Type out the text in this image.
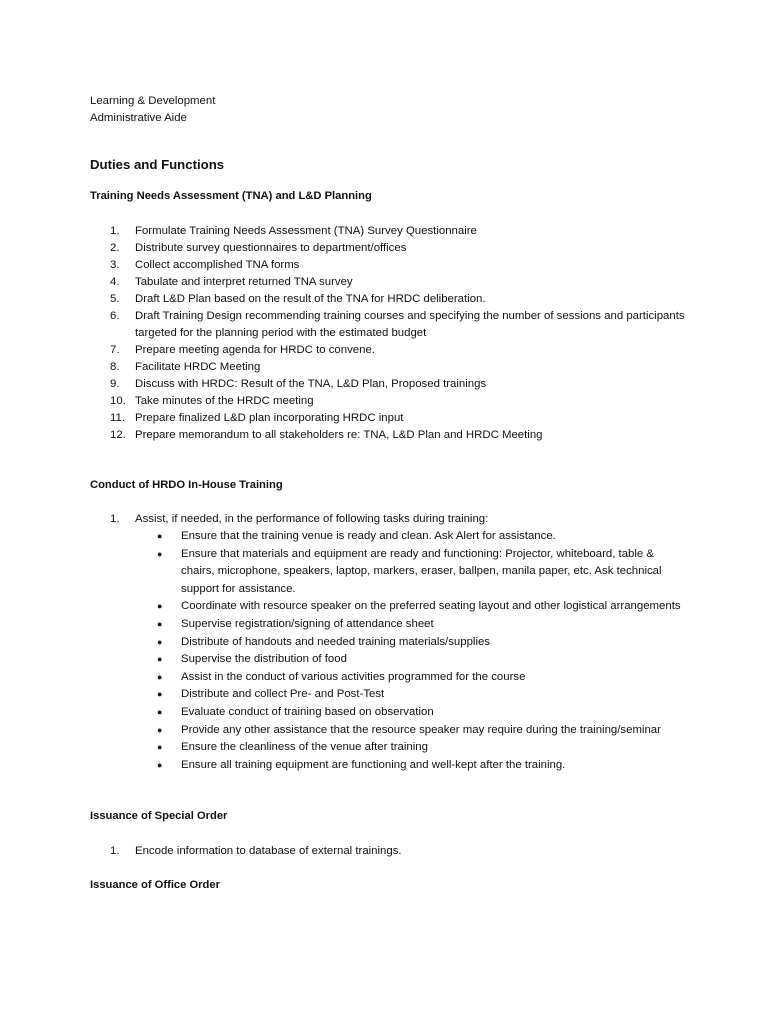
Learning & Development
Administrative Aide
Duties and Functions
Training Needs Assessment (TNA) and L&D Planning
1. Formulate Training Needs Assessment (TNA) Survey Questionnaire
2. Distribute survey questionnaires to department/offices
3. Collect accomplished TNA forms
4. Tabulate and interpret returned TNA survey
5. Draft L&D Plan based on the result of the TNA for HRDC deliberation.
6. Draft Training Design recommending training courses and specifying the number of sessions and participants targeted for the planning period with the estimated budget
7. Prepare meeting agenda for HRDC to convene.
8. Facilitate HRDC Meeting
9. Discuss with HRDC: Result of the TNA, L&D Plan, Proposed trainings
10. Take minutes of the HRDC meeting
11. Prepare finalized L&D plan incorporating HRDC input
12. Prepare memorandum to all stakeholders re: TNA, L&D Plan and HRDC Meeting
Conduct of HRDO In-House Training
1. Assist, if needed, in the performance of following tasks during training:
● Ensure that the training venue is ready and clean. Ask Alert for assistance.
● Ensure that materials and equipment are ready and functioning: Projector, whiteboard, table & chairs, microphone, speakers, laptop, markers, eraser, ballpen, manila paper, etc. Ask technical support for assistance.
● Coordinate with resource speaker on the preferred seating layout and other logistical arrangements
● Supervise registration/signing of attendance sheet
● Distribute of handouts and needed training materials/supplies
● Supervise the distribution of food
● Assist in the conduct of various activities programmed for the course
● Distribute and collect Pre- and Post-Test
● Evaluate conduct of training based on observation
● Provide any other assistance that the resource speaker may require during the training/seminar
● Ensure the cleanliness of the venue after training
● Ensure all training equipment are functioning and well-kept after the training.
Issuance of Special Order
1. Encode information to database of external trainings.
Issuance of Office Order
